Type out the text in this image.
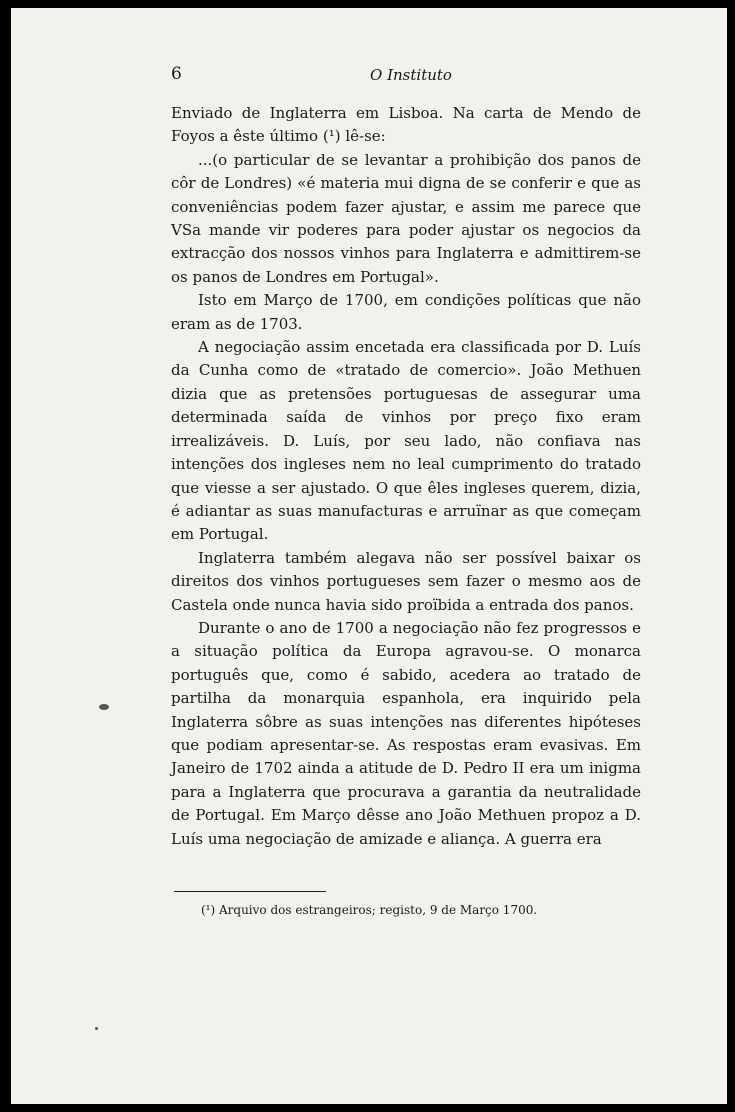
6	O Instituto

Enviado de Inglaterra em Lisboa. Na carta de Mendo de Foyos a êste último (¹) lê-se:

...(o particular de se levantar a prohibição dos panos de côr de Londres) «é materia mui digna de se conferir e que as conveniências podem fazer ajustar, e assim me parece que VSa mande vir poderes para poder ajustar os negocios da extracção dos nossos vinhos para Inglaterra e admittirem-se os panos de Londres em Portugal».

Isto em Março de 1700, em condições políticas que não eram as de 1703.

A negociação assim encetada era classificada por D. Luís da Cunha como de «tratado de comercio». João Methuen dizia que as pretensões portuguesas de assegurar uma determinada saída de vinhos por preço fixo eram irrealizáveis. D. Luís, por seu lado, não confiava nas intenções dos ingleses nem no leal cumprimento do tratado que viesse a ser ajustado. O que êles ingleses querem, dizia, é adiantar as suas manufacturas e arruïnar as que começam em Portugal.

Inglaterra também alegava não ser possível baixar os direitos dos vinhos portugueses sem fazer o mesmo aos de Castela onde nunca havia sido proïbida a entrada dos panos.

Durante o ano de 1700 a negociação não fez progressos e a situação política da Europa agravou-se. O monarca português que, como é sabido, acedera ao tratado de partilha da monarquia espanhola, era inquirido pela Inglaterra sôbre as suas intenções nas diferentes hipóteses que podiam apresentar-se. As respostas eram evasivas. Em Janeiro de 1702 ainda a atitude de D. Pedro II era um inigma para a Inglaterra que procurava a garantia da neutralidade de Portugal. Em Março dêsse ano João Methuen propoz a D. Luís uma negociação de amizade e aliança. A guerra era

(¹) Arquivo dos estrangeiros; registo, 9 de Março 1700.
